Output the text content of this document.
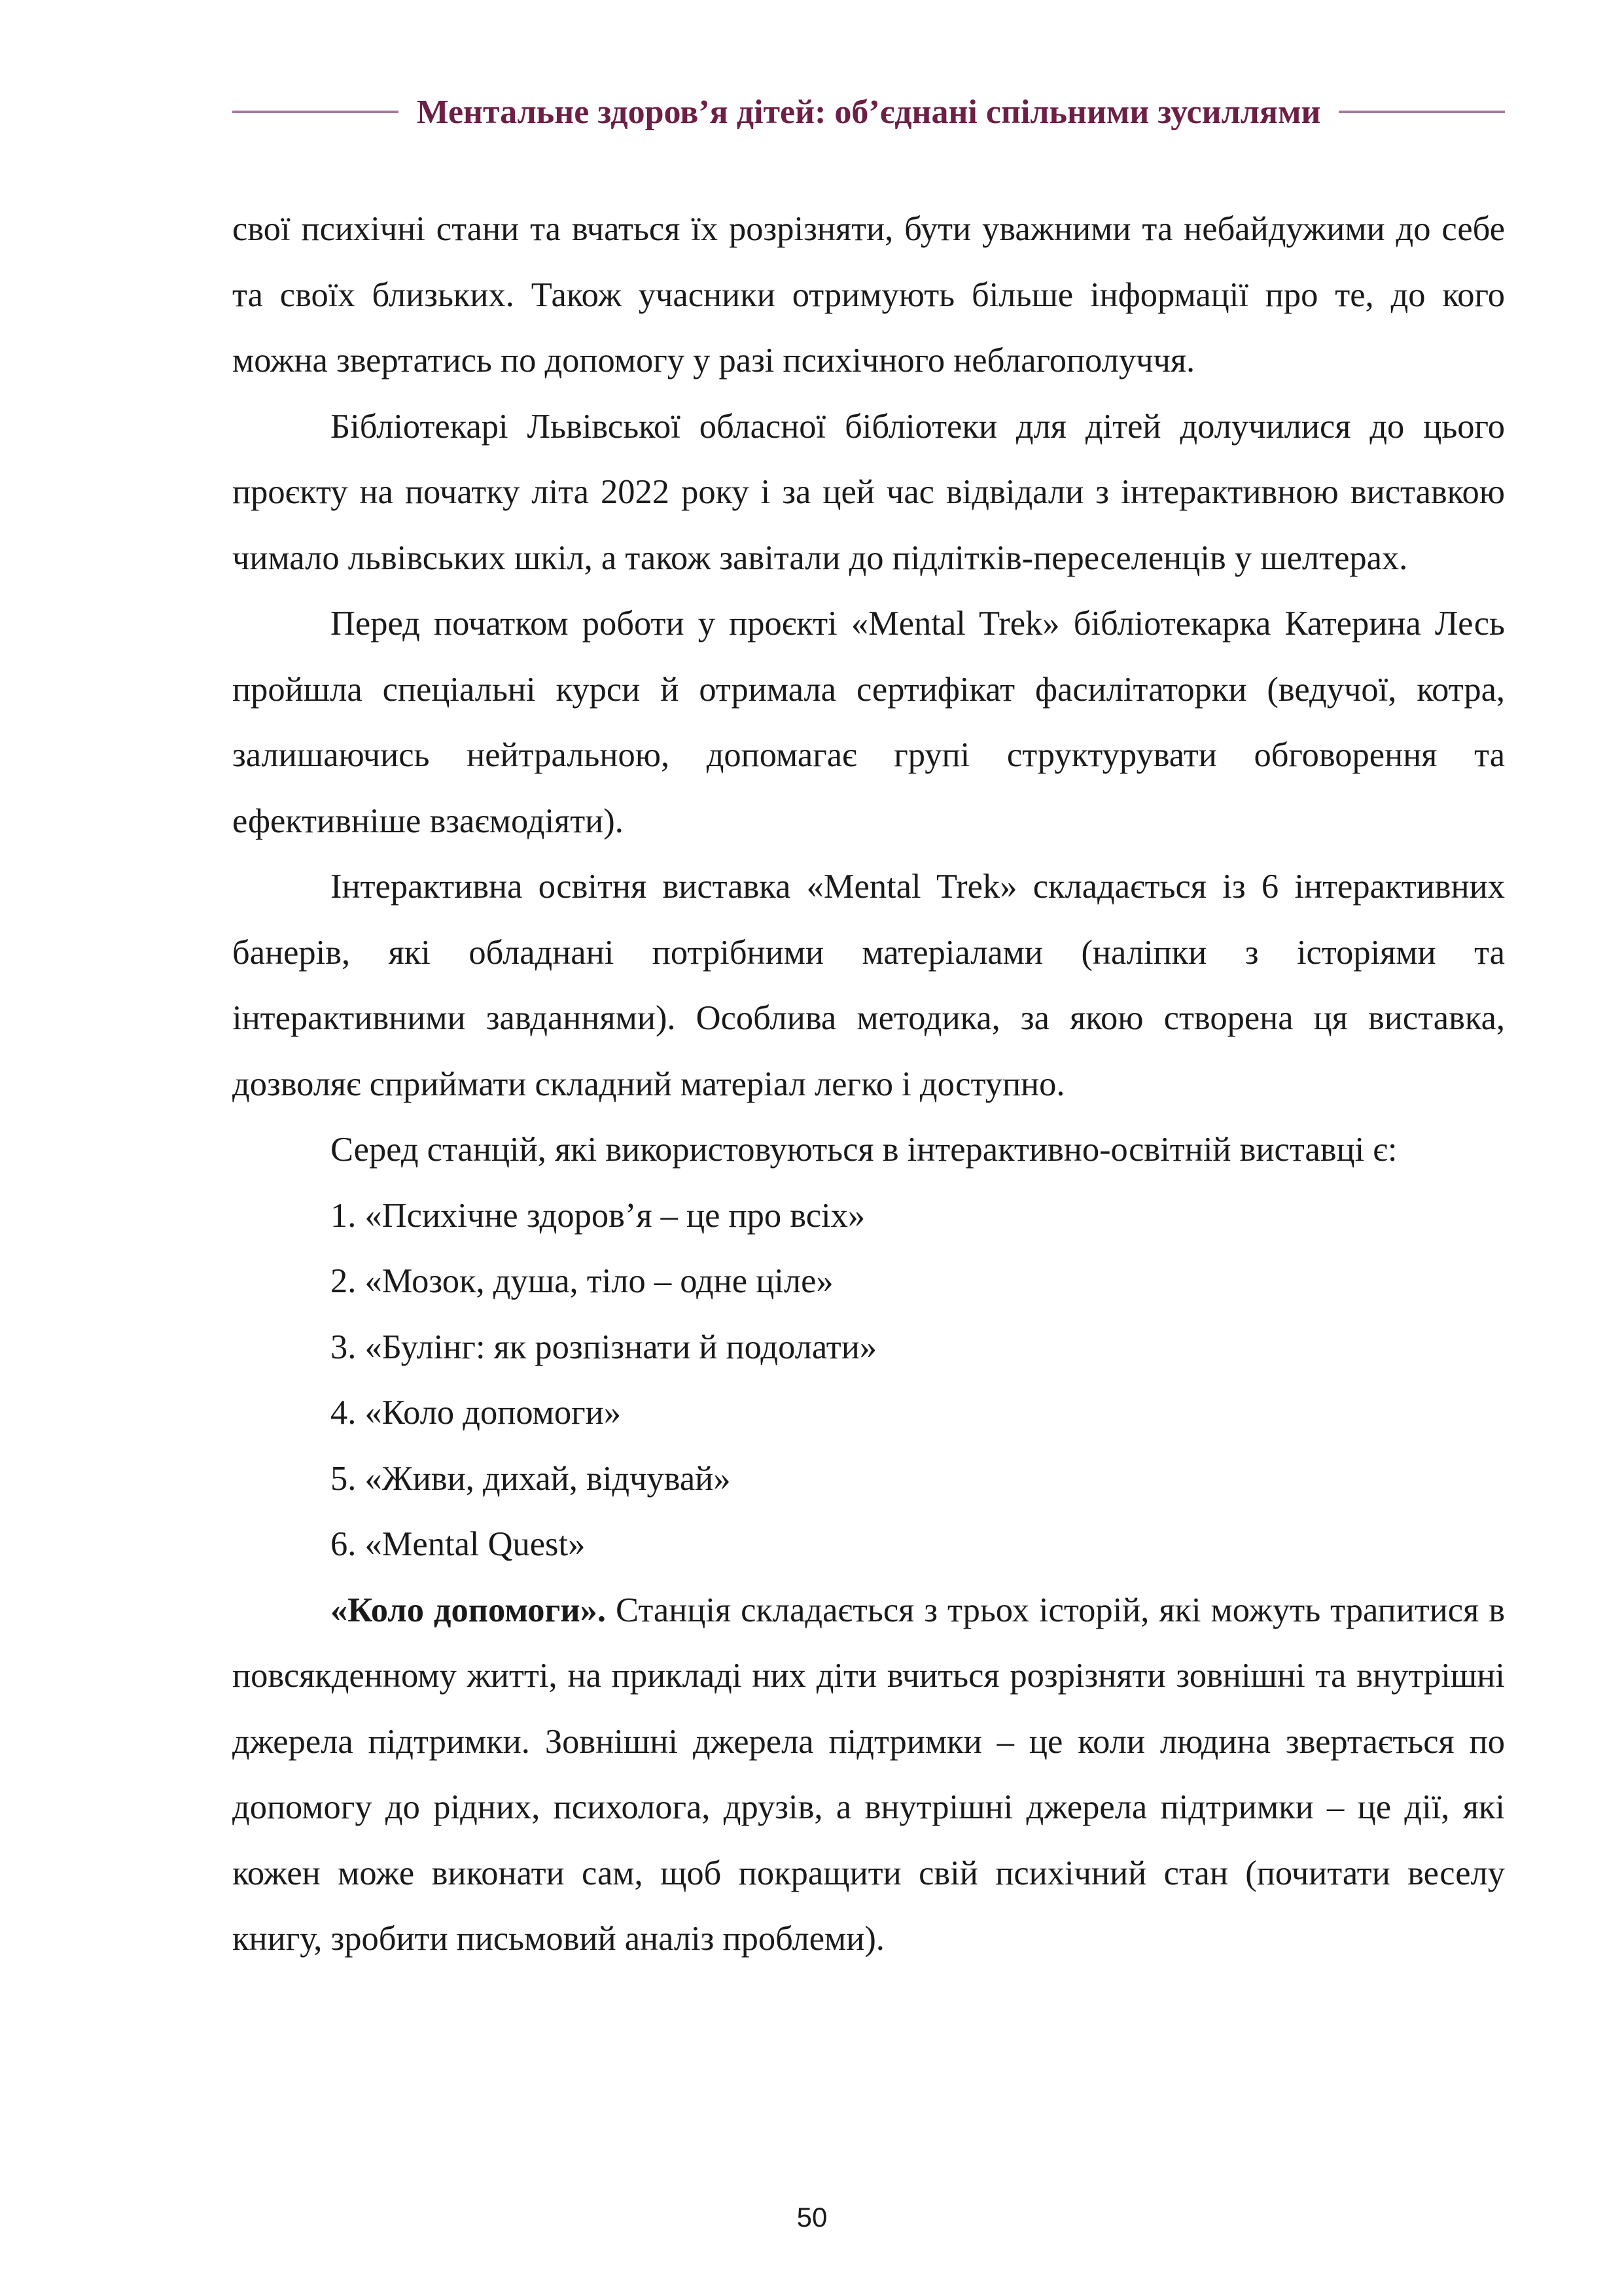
Ментальне здоров’я дітей: об’єднані спільними зусиллями

свої психічні стани та вчаться їх розрізняти, бути уважними та небайдужими до себе та своїх близьких. Також учасники отримують більше інформації про те, до кого можна звертатись по допомогу у разі психічного неблагополуччя.

Бібліотекарі Львівської обласної бібліотеки для дітей долучилися до цього проєкту на початку літа 2022 року і за цей час відвідали з інтерактивною виставкою чимало львівських шкіл, а також завітали до підлітків-переселенців у шелтерах.

Перед початком роботи у проєкті «Mental Trek» бібліотекарка Катерина Лесь пройшла спеціальні курси й отримала сертифікат фасилітаторки (ведучої, котра, залишаючись нейтральною, допомагає групі структурувати обговорення та ефективніше взаємодіяти).

Інтерактивна освітня виставка «Mental Trek» складається із 6 інтерактивних банерів, які обладнані потрібними матеріалами (наліпки з історіями та інтерактивними завданнями). Особлива методика, за якою створена ця виставка, дозволяє сприймати складний матеріал легко і доступно.

Серед станцій, які використовуються в інтерактивно-освітній виставці є:

1. «Психічне здоров’я – це про всіх»

2. «Мозок, душа, тіло – одне ціле»

3. «Булінг: як розпізнати й подолати»

4. «Коло допомоги»

5. «Живи, дихай, відчувай»

6. «Mental Quest»

«Коло допомоги». Станція складається з трьох історій, які можуть трапитися в повсякденному житті, на прикладі них діти вчиться розрізняти зовнішні та внутрішні джерела підтримки. Зовнішні джерела підтримки – це коли людина звертається по допомогу до рідних, психолога, друзів, а внутрішні джерела підтримки – це дії, які кожен може виконати сам, щоб покращити свій психічний стан (почитати веселу книгу, зробити письмовий аналіз проблеми).

50
